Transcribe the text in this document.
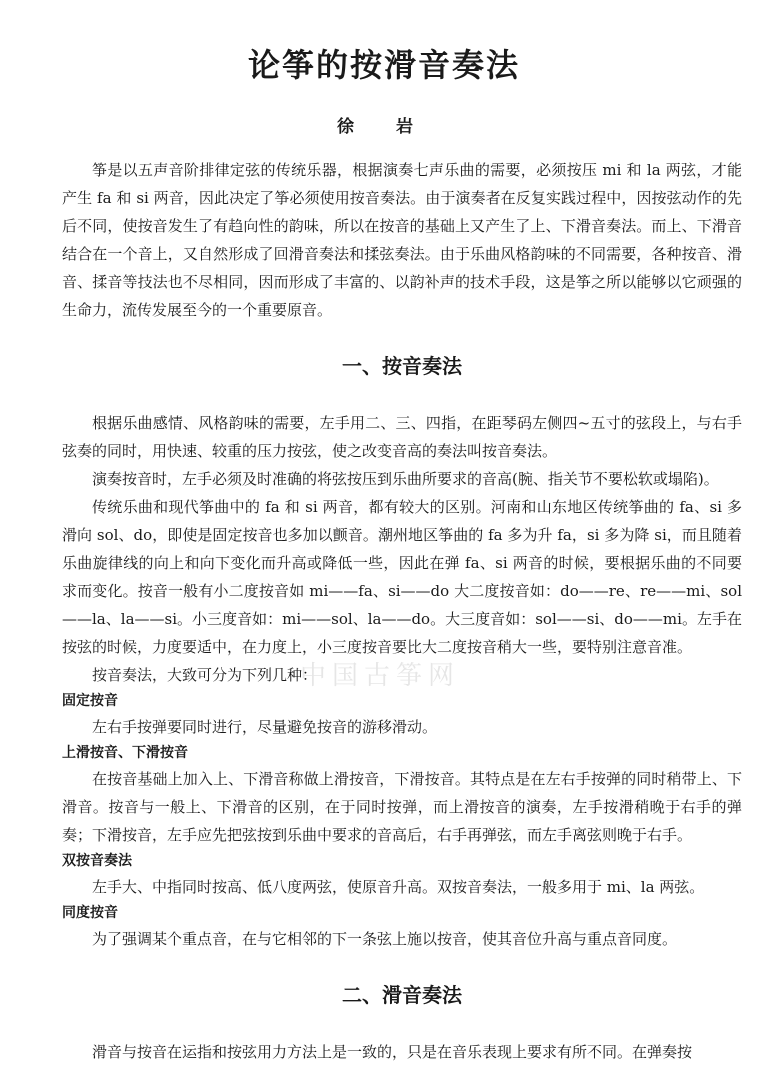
论筝的按滑音奏法
徐 岩
中国古筝网

筝是以五声音阶排律定弦的传统乐器，根据演奏七声乐曲的需要，必须按压 mi 和 la 两弦，才能产生 fa 和 si 两音，因此决定了筝必须使用按音奏法。由于演奏者在反复实践过程中，因按弦动作的先后不同，使按音发生了有趋向性的韵味，所以在按音的基础上又产生了上、下滑音奏法。而上、下滑音结合在一个音上，又自然形成了回滑音奏法和揉弦奏法。由于乐曲风格韵味的不同需要，各种按音、滑音、揉音等技法也不尽相同，因而形成了丰富的、以韵补声的技术手段，这是筝之所以能够以它顽强的生命力，流传发展至今的一个重要原音。

一、按音奏法

根据乐曲感情、风格韵味的需要，左手用二、三、四指，在距琴码左侧四~五寸的弦段上，与右手弦奏的同时，用快速、较重的压力按弦，使之改变音高的奏法叫按音奏法。

演奏按音时，左手必须及时准确的将弦按压到乐曲所要求的音高(腕、指关节不要松软或塌陷)。

传统乐曲和现代筝曲中的 fa 和 si 两音，都有较大的区别。河南和山东地区传统筝曲的 fa、si 多滑向 sol、do，即使是固定按音也多加以颤音。潮州地区筝曲的 fa 多为升 fa，si 多为降 si，而且随着乐曲旋律线的向上和向下变化而升高或降低一些，因此在弹 fa、si 两音的时候，要根据乐曲的不同要求而变化。按音一般有小二度按音如 mi——fa、si——do 大二度按音如：do——re、re——mi、sol——la、la——si。小三度音如：mi——sol、la——do。大三度音如：sol——si、do——mi。左手在按弦的时候，力度要适中，在力度上，小三度按音要比大二度按音稍大一些，要特别注意音准。

按音奏法，大致可分为下列几种：

固定按音

左右手按弹要同时进行，尽量避免按音的游移滑动。

上滑按音、下滑按音

在按音基础上加入上、下滑音称做上滑按音，下滑按音。其特点是在左右手按弹的同时稍带上、下滑音。按音与一般上、下滑音的区别，在于同时按弹，而上滑按音的演奏，左手按滑稍晚于右手的弹奏；下滑按音，左手应先把弦按到乐曲中要求的音高后，右手再弹弦，而左手离弦则晚于右手。

双按音奏法

左手大、中指同时按高、低八度两弦，使原音升高。双按音奏法，一般多用于 mi、la 两弦。

同度按音

为了强调某个重点音，在与它相邻的下一条弦上施以按音，使其音位升高与重点音同度。

二、滑音奏法

滑音与按音在运指和按弦用力方法上是一致的，只是在音乐表现上要求有所不同。在弹奏按
